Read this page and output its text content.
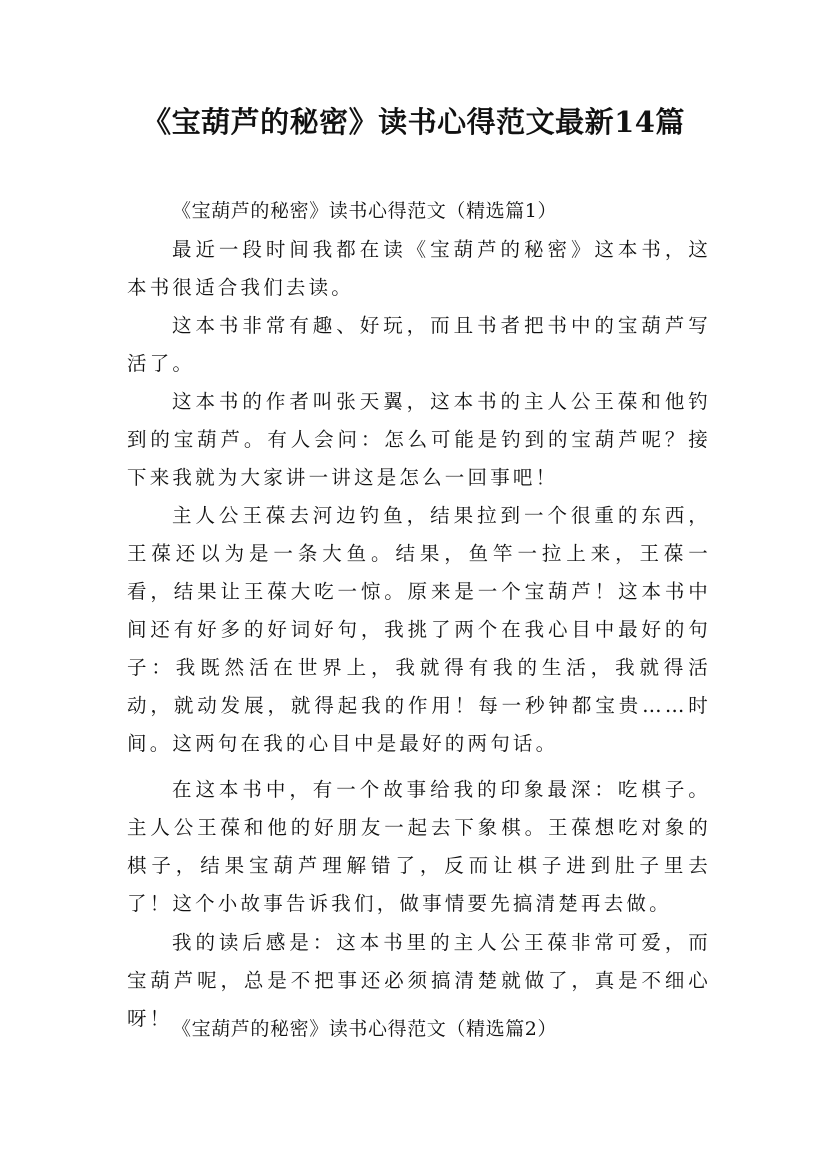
《宝葫芦的秘密》读书心得范文最新14篇
《宝葫芦的秘密》读书心得范文（精选篇1）

最近一段时间我都在读《宝葫芦的秘密》这本书，这本书很适合我们去读。

这本书非常有趣、好玩，而且书者把书中的宝葫芦写活了。

这本书的作者叫张天翼，这本书的主人公王葆和他钓到的宝葫芦。有人会问：怎么可能是钓到的宝葫芦呢？接下来我就为大家讲一讲这是怎么一回事吧！

主人公王葆去河边钓鱼，结果拉到一个很重的东西，王葆还以为是一条大鱼。结果，鱼竿一拉上来，王葆一看，结果让王葆大吃一惊。原来是一个宝葫芦！这本书中间还有好多的好词好句，我挑了两个在我心目中最好的句子：我既然活在世界上，我就得有我的生活，我就得活动，就动发展，就得起我的作用！每一秒钟都宝贵……时间。这两句在我的心目中是最好的两句话。

在这本书中，有一个故事给我的印象最深：吃棋子。主人公王葆和他的好朋友一起去下象棋。王葆想吃对象的棋子，结果宝葫芦理解错了，反而让棋子进到肚子里去了！这个小故事告诉我们，做事情要先搞清楚再去做。

我的读后感是：这本书里的主人公王葆非常可爱，而宝葫芦呢，总是不把事还必须搞清楚就做了，真是不细心呀！ 《宝葫芦的秘密》读书心得范文（精选篇2）
